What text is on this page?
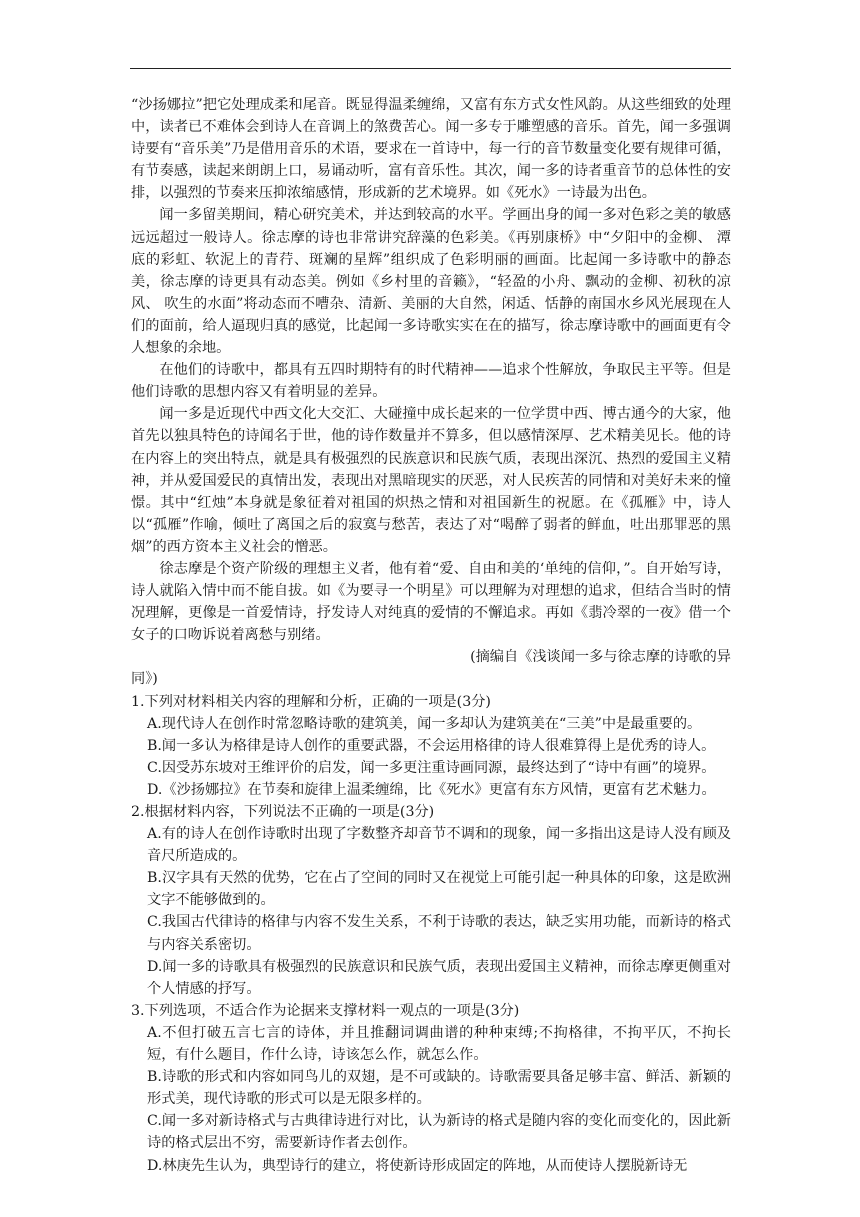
“沙扬娜拉”把它处理成柔和尾音。既显得温柔缠绵，又富有东方式女性风韵。从这些细致的处理中，读者已不难体会到诗人在音调上的煞费苦心。闻一多专于雕塑感的音乐。首先，闻一多强调诗要有“音乐美”乃是借用音乐的术语，要求在一首诗中，每一行的音节数量变化要有规律可循，有节奏感，读起来朗朗上口，易诵动听，富有音乐性。其次，闻一多的诗者重音节的总体性的安排，以强烈的节奏来压抑浓缩感情，形成新的艺术境界。如《死水》一诗最为出色。

闻一多留美期间，精心研究美术，并达到较高的水平。学画出身的闻一多对色彩之美的敏感远远超过一般诗人。徐志摩的诗也非常讲究辞藻的色彩美。《再别康桥》中“夕阳中的金柳、 潭底的彩虹、软泥上的青荇、斑斓的星辉”组织成了色彩明丽的画面。比起闻一多诗歌中的静态美，徐志摩的诗更具有动态美。例如《乡村里的音籁》，“轻盈的小舟、飘动的金柳、初秋的凉风、 吹生的水面”将动态而不嘈杂、清新、美丽的大自然，闲适、恬静的南国水乡风光展现在人们的面前，给人逼现归真的感觉，比起闻一多诗歌实实在在的描写，徐志摩诗歌中的画面更有令人想象的余地。

在他们的诗歌中，都具有五四时期特有的时代精神——追求个性解放，争取民主平等。但是他们诗歌的思想内容又有着明显的差异。

闻一多是近现代中西文化大交汇、大碰撞中成长起来的一位学贯中西、博古通今的大家，他首先以独具特色的诗闻名于世，他的诗作数量并不算多，但以感情深厚、艺术精美见长。他的诗在内容上的突出特点，就是具有极强烈的民族意识和民族气质，表现出深沉、热烈的爱国主义精神，并从爱国爱民的真情出发，表现出对黑暗现实的厌恶，对人民疾苦的同情和对美好未来的憧憬。其中“红烛”本身就是象征着对祖国的炽热之情和对祖国新生的祝愿。在《孤雁》中，诗人以“孤雁”作喻，倾吐了离国之后的寂寞与愁苦，表达了对“喝醉了弱者的鲜血，吐出那罪恶的黑烟”的西方资本主义社会的憎恶。

徐志摩是个资产阶级的理想主义者，他有着“爱、自由和美的‘单纯的信仰，”。自开始写诗，诗人就陷入情中而不能自拔。如《为要寻一个明星》可以理解为对理想的追求，但结合当时的情况理解，更像是一首爱情诗，抒发诗人对纯真的爱情的不懈追求。再如《翡冷翠的一夜》借一个女子的口吻诉说着离愁与别绪。

(摘编自《浅谈闻一多与徐志摩的诗歌的异

同》)

1.下列对材料相关内容的理解和分析，正确的一项是(3分)

A.现代诗人在创作时常忽略诗歌的建筑美，闻一多却认为建筑美在“三美”中是最重要的。

B.闻一多认为格律是诗人创作的重要武器，不会运用格律的诗人很难算得上是优秀的诗人。

C.因受苏东坡对王维评价的启发，闻一多更注重诗画同源，最终达到了“诗中有画”的境界。

D.《沙扬娜拉》在节奏和旋律上温柔缠绵，比《死水》更富有东方风情，更富有艺术魅力。

2.根据材料内容，下列说法不正确的一项是(3分)

A.有的诗人在创作诗歌时出现了字数整齐却音节不调和的现象，闻一多指出这是诗人没有顾及音尺所造成的。

B.汉字具有天然的优势，它在占了空间的同时又在视觉上可能引起一种具体的印象，这是欧洲文字不能够做到的。

C.我国古代律诗的格律与内容不发生关系，不利于诗歌的表达，缺乏实用功能，而新诗的格式与内容关系密切。

D.闻一多的诗歌具有极强烈的民族意识和民族气质，表现出爱国主义精神，而徐志摩更侧重对个人情感的抒写。

3.下列选项，不适合作为论据来支撑材料一观点的一项是(3分)

A.不但打破五言七言的诗体，并且推翻词调曲谱的种种束缚;不拘格律，不拘平仄，不拘长短，有什么题目，作什么诗，诗该怎么作，就怎么作。

B.诗歌的形式和内容如同鸟儿的双翅，是不可或缺的。诗歌需要具备足够丰富、鲜活、新颖的形式美，现代诗歌的形式可以是无限多样的。

C.闻一多对新诗格式与古典律诗进行对比，认为新诗的格式是随内容的变化而变化的，因此新诗的格式层出不穷，需要新诗作者去创作。

D.林庚先生认为，典型诗行的建立，将使新诗形成固定的阵地，从而使诗人摆脱新诗无
